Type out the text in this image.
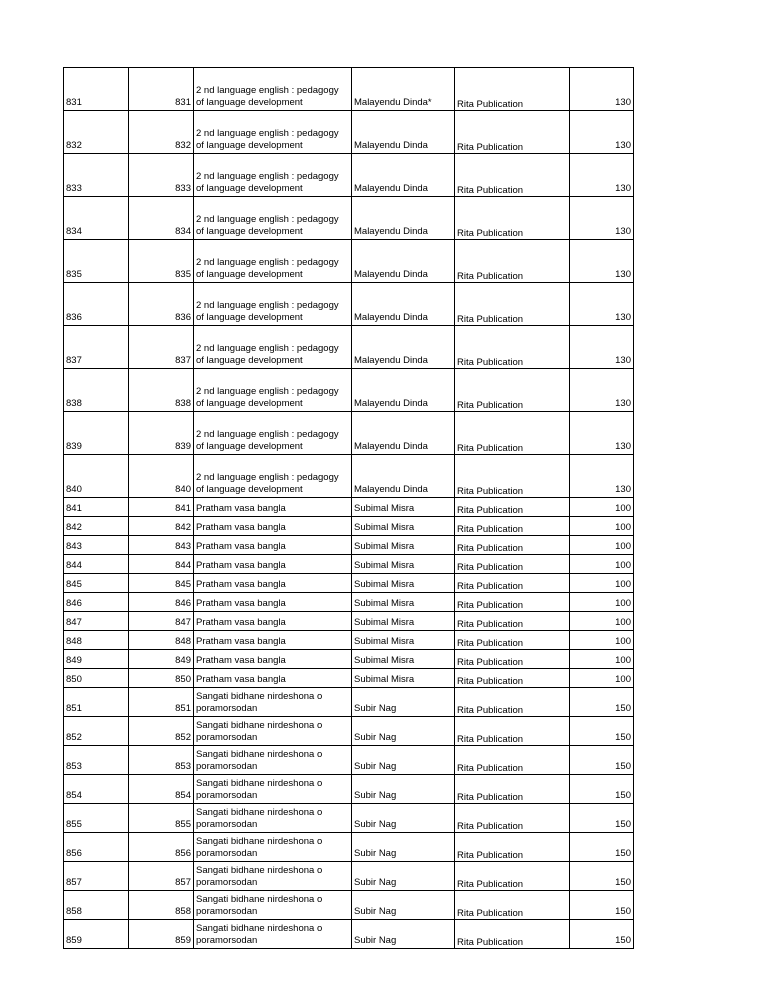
831	831	2 nd language english : pedagogy of language development	Malayendu Dinda*	Rita Publication	130
832	832	2 nd language english : pedagogy of language development	Malayendu Dinda	Rita Publication	130
833	833	2 nd language english : pedagogy of language development	Malayendu Dinda	Rita Publication	130
834	834	2 nd language english : pedagogy of language development	Malayendu Dinda	Rita Publication	130
835	835	2 nd language english : pedagogy of language development	Malayendu Dinda	Rita Publication	130
836	836	2 nd language english : pedagogy of language development	Malayendu Dinda	Rita Publication	130
837	837	2 nd language english : pedagogy of language development	Malayendu Dinda	Rita Publication	130
838	838	2 nd language english : pedagogy of language development	Malayendu Dinda	Rita Publication	130
839	839	2 nd language english : pedagogy of language development	Malayendu Dinda	Rita Publication	130
840	840	2 nd language english : pedagogy of language development	Malayendu Dinda	Rita Publication	130
841	841	Pratham vasa bangla	Subimal Misra	Rita Publication	100
842	842	Pratham vasa bangla	Subimal Misra	Rita Publication	100
843	843	Pratham vasa bangla	Subimal Misra	Rita Publication	100
844	844	Pratham vasa bangla	Subimal Misra	Rita Publication	100
845	845	Pratham vasa bangla	Subimal Misra	Rita Publication	100
846	846	Pratham vasa bangla	Subimal Misra	Rita Publication	100
847	847	Pratham vasa bangla	Subimal Misra	Rita Publication	100
848	848	Pratham vasa bangla	Subimal Misra	Rita Publication	100
849	849	Pratham vasa bangla	Subimal Misra	Rita Publication	100
850	850	Pratham vasa bangla	Subimal Misra	Rita Publication	100
851	851	Sangati bidhane nirdeshona o poramorsodan	Subir Nag	Rita Publication	150
852	852	Sangati bidhane nirdeshona o poramorsodan	Subir Nag	Rita Publication	150
853	853	Sangati bidhane nirdeshona o poramorsodan	Subir Nag	Rita Publication	150
854	854	Sangati bidhane nirdeshona o poramorsodan	Subir Nag	Rita Publication	150
855	855	Sangati bidhane nirdeshona o poramorsodan	Subir Nag	Rita Publication	150
856	856	Sangati bidhane nirdeshona o poramorsodan	Subir Nag	Rita Publication	150
857	857	Sangati bidhane nirdeshona o poramorsodan	Subir Nag	Rita Publication	150
858	858	Sangati bidhane nirdeshona o poramorsodan	Subir Nag	Rita Publication	150
859	859	Sangati bidhane nirdeshona o poramorsodan	Subir Nag	Rita Publication	150
